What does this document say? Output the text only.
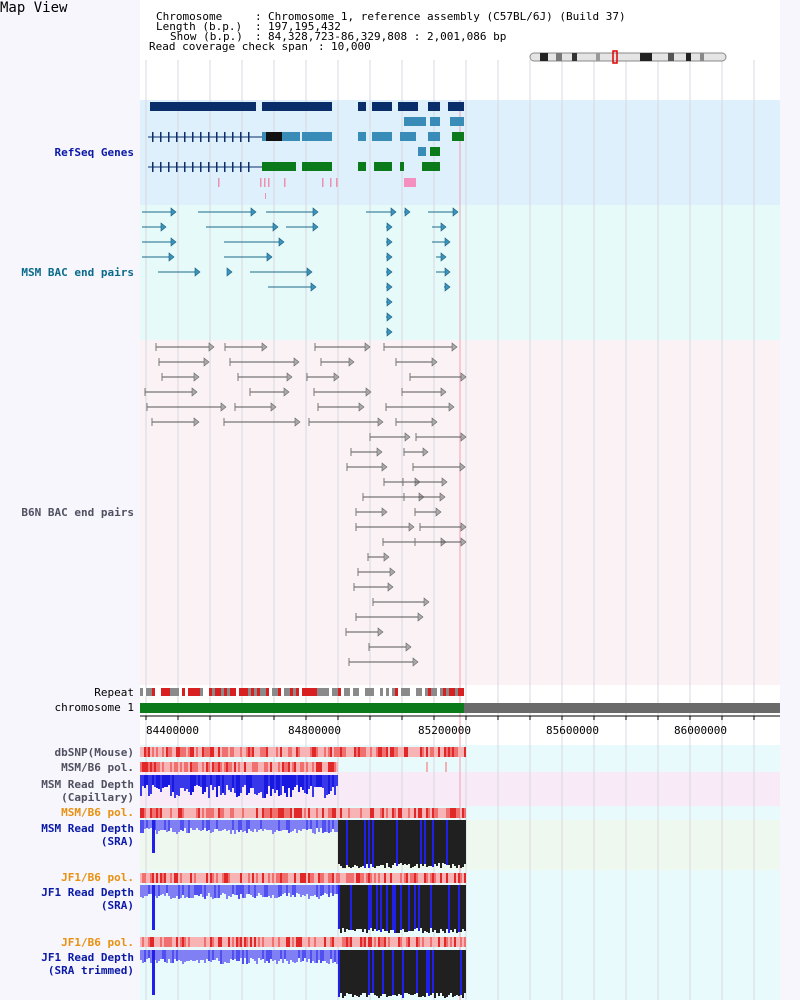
Map View
Chromosome	: Chromosome 1, reference assembly (C57BL/6J) (Build 37)
Length (b.p.) : 197,195,432
Show (b.p.) : 84,328,723-86,329,808 : 2,001,086 bp
Read coverage check span : 10,000
RefSeq Genes
MSM BAC end pairs
B6N BAC end pairs
Repeat
chromosome 1
dbSNP(Mouse)
MSM/B6 pol.
MSM Read Depth
(Capillary)
MSM/B6 pol.
MSM Read Depth
(SRA)
JF1/B6 pol.
JF1 Read Depth
(SRA)
JF1/B6 pol.
JF1 Read Depth
(SRA trimmed)
84400000	84800000	85200000	85600000	86000000
